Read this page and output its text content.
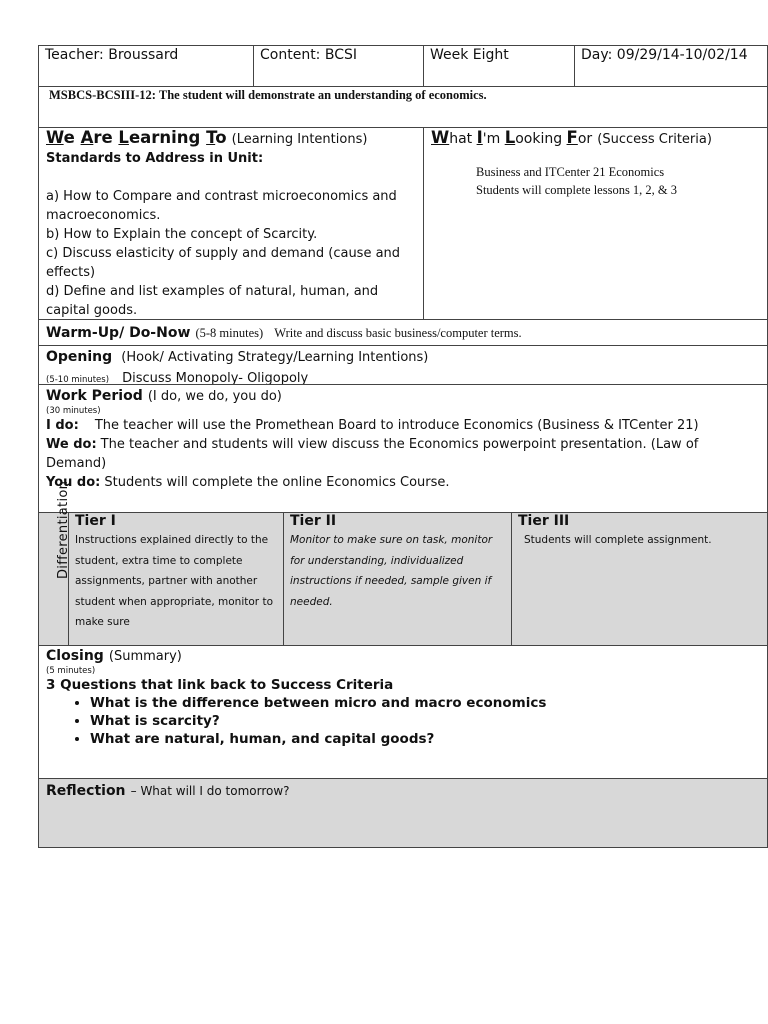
Teacher: Broussard	Content: BCSI	Week Eight	Day: 09/29/14-10/02/14
MSBCS-BCSIII-12: The student will demonstrate an understanding of economics.
We Are Learning To (Learning Intentions)
Standards to Address in Unit:
a) How to Compare and contrast microeconomics and macroeconomics.
b) How to Explain the concept of Scarcity.
c) Discuss elasticity of supply and demand (cause and effects)
d) Define and list examples of natural, human, and capital goods.
What I'm Looking For (Success Criteria)
Business and ITCenter 21 Economics
Students will complete lessons 1, 2, & 3
Warm-Up/ Do-Now (5-8 minutes) Write and discuss basic business/computer terms.
Opening (Hook/ Activating Strategy/Learning Intentions)
(5-10 minutes) Discuss Monopoly- Oligopoly
Work Period (I do, we do, you do)
(30 minutes)
I do: The teacher will use the Promethean Board to introduce Economics (Business & ITCenter 21)
We do: The teacher and students will view discuss the Economics powerpoint presentation. (Law of Demand)
You do: Students will complete the online Economics Course.
Differentiation Tier I
Instructions explained directly to the student, extra time to complete assignments, partner with another student when appropriate, monitor to make sure
Tier II
Monitor to make sure on task, monitor for understanding, individualized instructions if needed, sample given if needed.
Tier III
Students will complete assignment.
Closing (Summary)
(5 minutes)
3 Questions that link back to Success Criteria
• What is the difference between micro and macro economics
• What is scarcity?
• What are natural, human, and capital goods?
Reflection – What will I do tomorrow?
